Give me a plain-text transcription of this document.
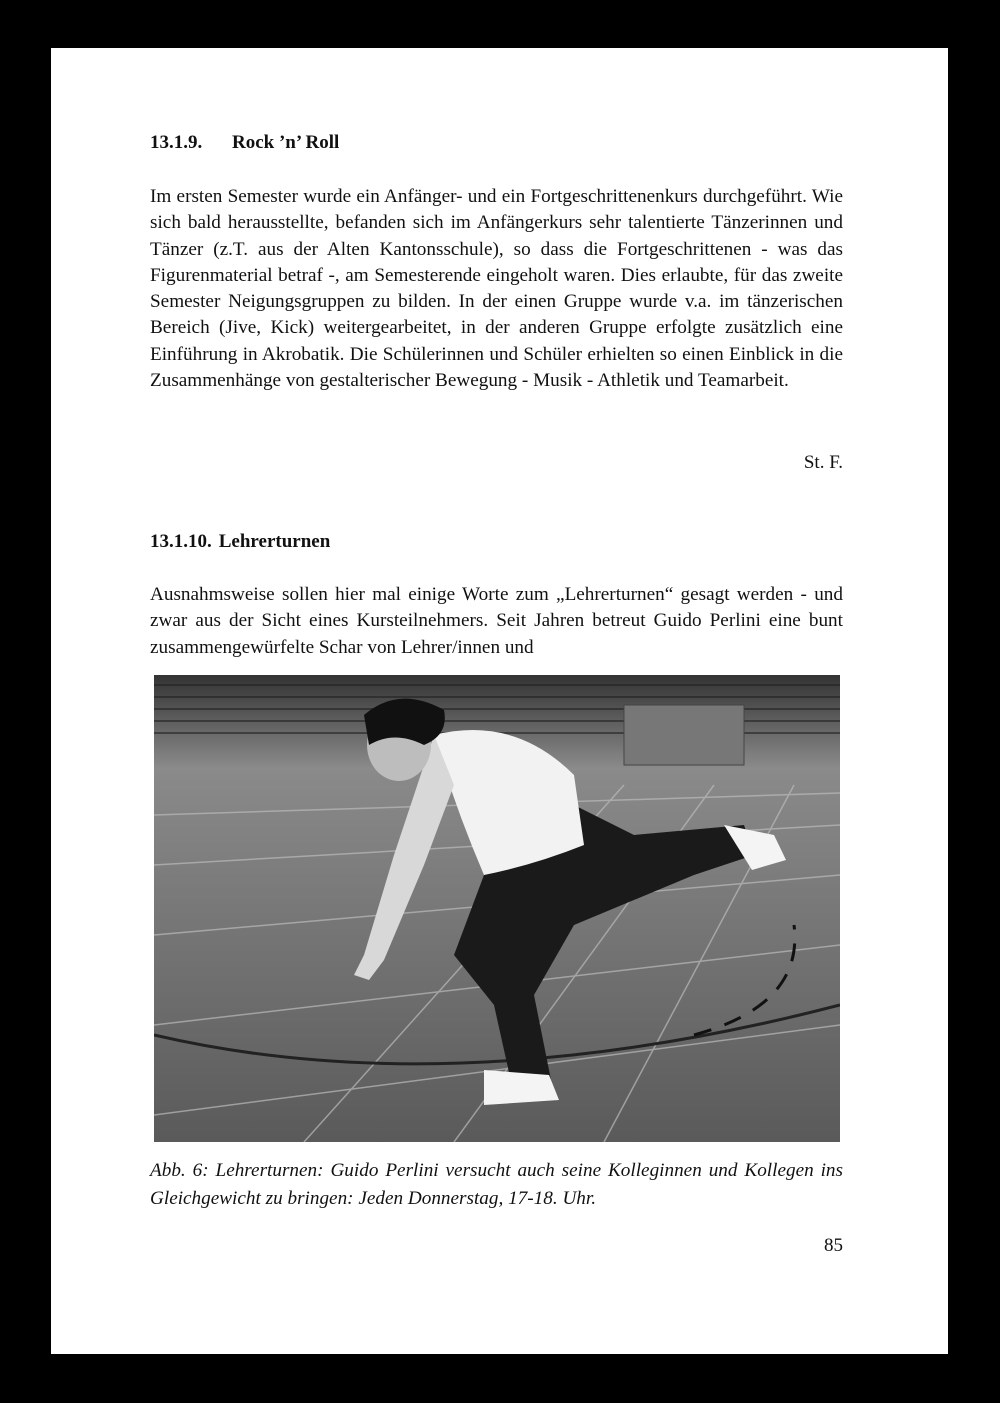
13.1.9. Rock ’n’ Roll

Im ersten Semester wurde ein Anfänger- und ein Fortgeschrittenenkurs durchgeführt. Wie sich bald herausstellte, befanden sich im Anfängerkurs sehr talentierte Tänzerinnen und Tänzer (z.T. aus der Alten Kantonsschule), so dass die Fortgeschrittenen - was das Figurenmaterial betraf -, am Semesterende eingeholt waren. Dies erlaubte, für das zweite Semester Neigungsgruppen zu bilden. In der einen Gruppe wurde v.a. im tänzerischen Bereich (Jive, Kick) weitergearbeitet, in der anderen Gruppe erfolgte zusätzlich eine Einführung in Akrobatik. Die Schülerinnen und Schüler erhielten so einen Einblick in die Zusammenhänge von gestalterischer Bewegung - Musik - Athletik und Teamarbeit.

St. F.
13.1.10. Lehrerturnen

Ausnahmsweise sollen hier mal einige Worte zum „Lehrerturnen“ gesagt werden - und zwar aus der Sicht eines Kursteilnehmers. Seit Jahren betreut Guido Perlini eine bunt zusammengewürfelte Schar von Lehrer/innen und

Abb. 6: Lehrerturnen: Guido Perlini versucht auch seine Kolleginnen und Kollegen ins Gleichgewicht zu bringen: Jeden Donnerstag, 17-18. Uhr.

85
